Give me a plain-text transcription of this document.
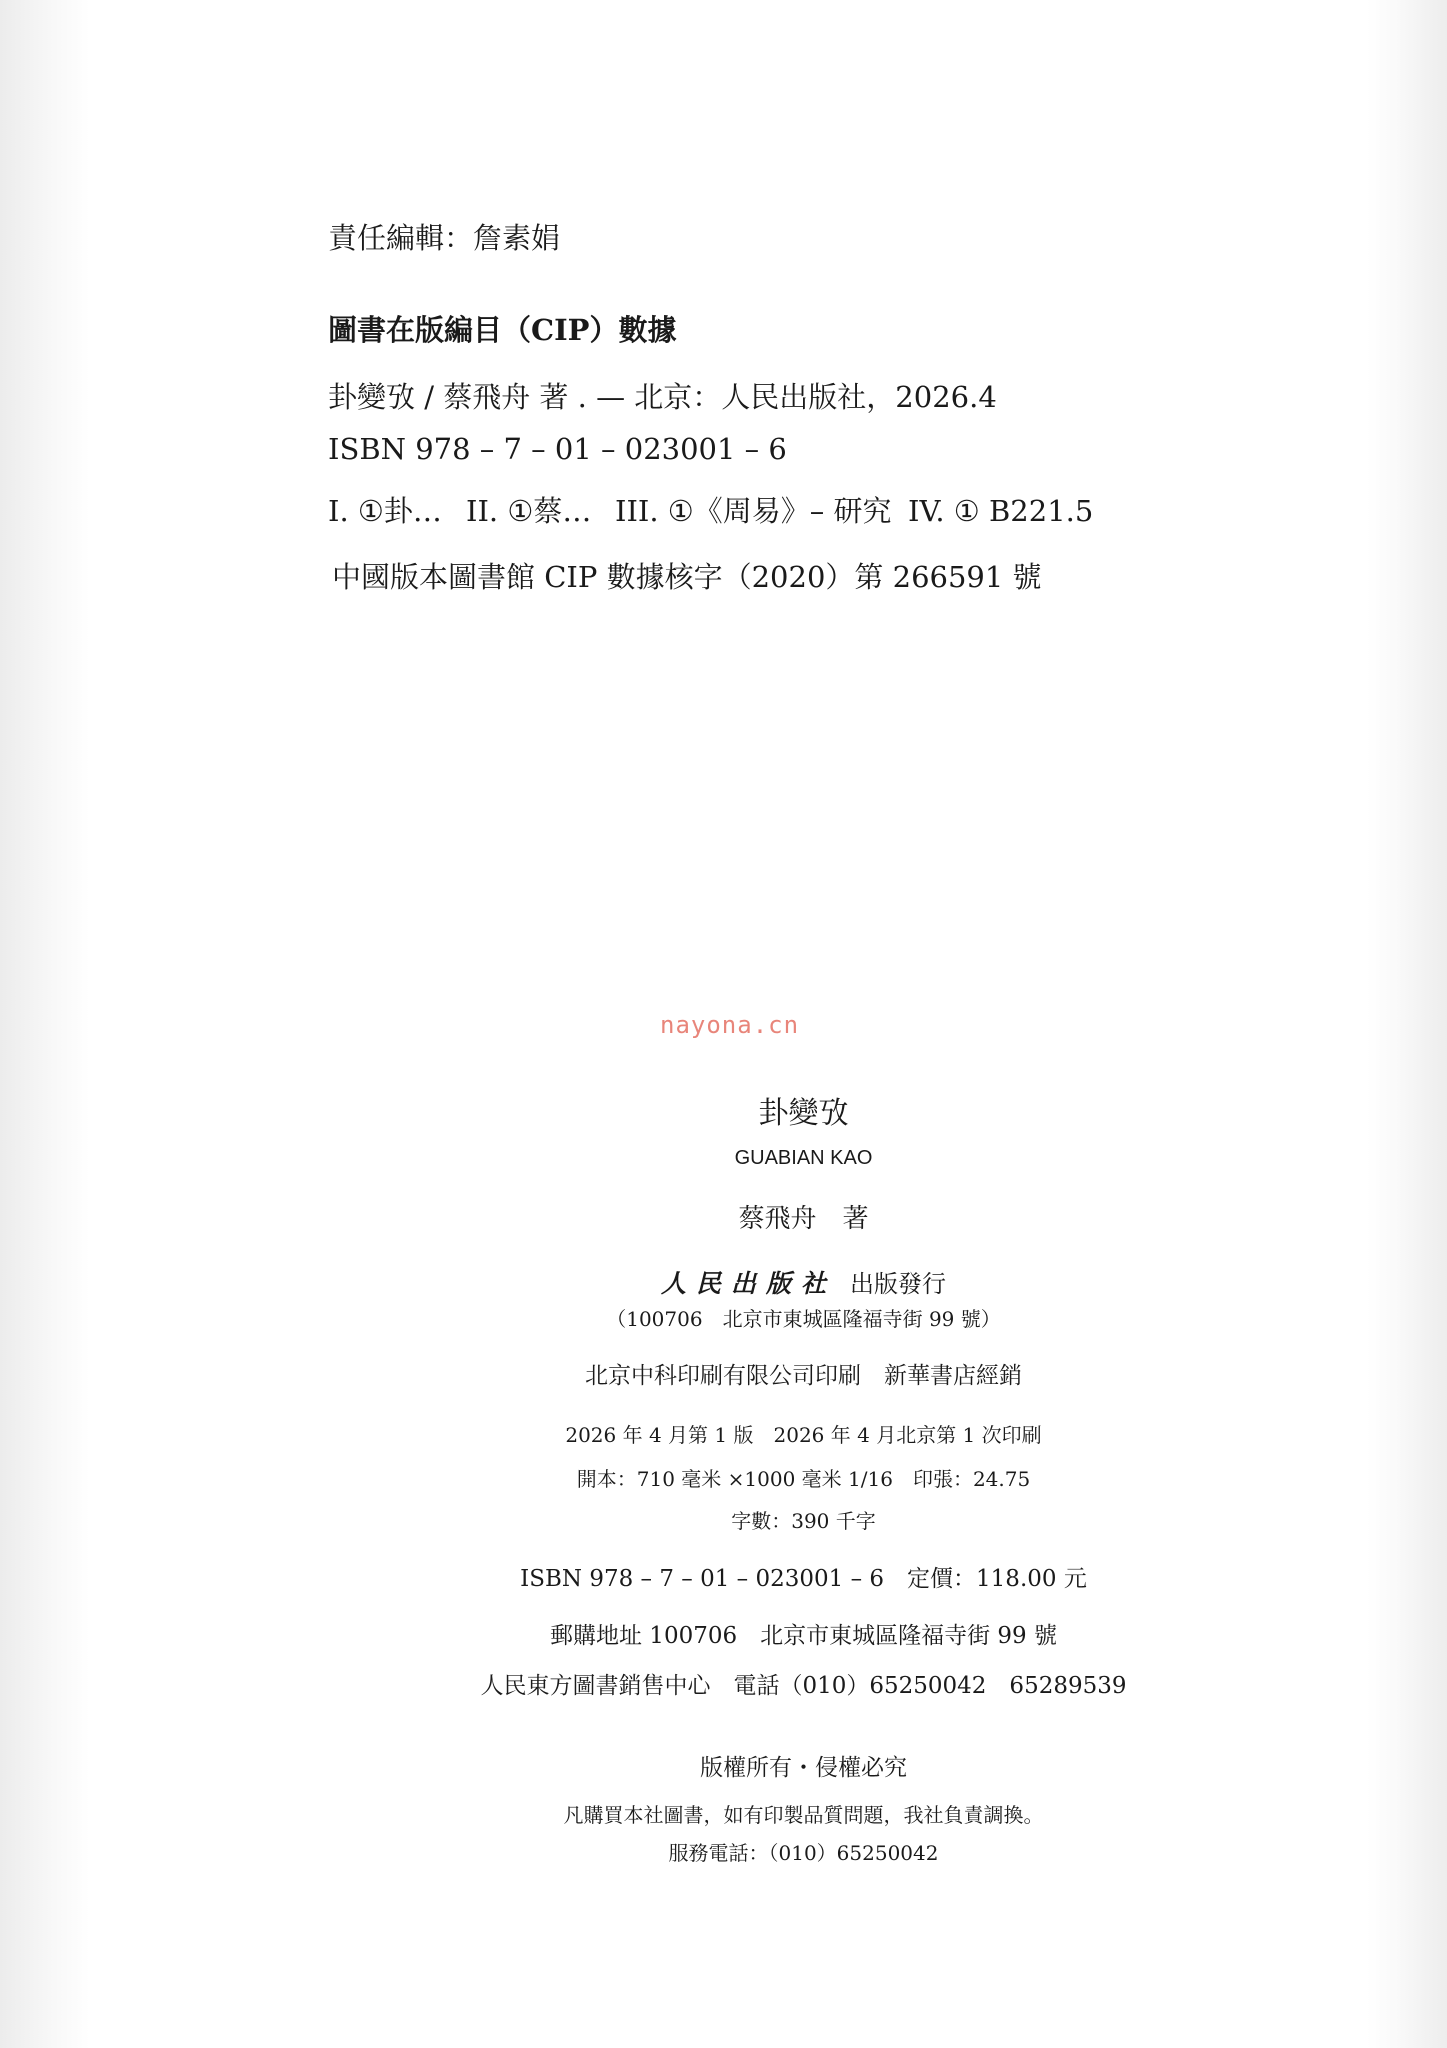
責任編輯：詹素娟
圖書在版編目（CIP）數據
卦變攷 / 蔡飛舟 著 . — 北京：人民出版社，2026.4
ISBN 978 – 7 – 01 – 023001 – 6
I. ①卦… II. ①蔡… III. ①《周易》– 研究 IV. ① B221.5
中國版本圖書館 CIP 數據核字（2020）第 266591 號
nayona.cn
卦變攷
GUABIAN KAO
蔡飛舟　著
人民出版社 出版發行
（100706　北京市東城區隆福寺街 99 號）
北京中科印刷有限公司印刷　新華書店經銷
2026 年 4 月第 1 版　2026 年 4 月北京第 1 次印刷
開本：710 毫米 ×1000 毫米 1/16　印張：24.75
字數：390 千字
ISBN 978 – 7 – 01 – 023001 – 6　定價：118.00 元
郵購地址 100706　北京市東城區隆福寺街 99 號
人民東方圖書銷售中心　電話（010）65250042　65289539
版權所有・侵權必究
凡購買本社圖書，如有印製品質問題，我社負責調換。
服務電話：（010）65250042
